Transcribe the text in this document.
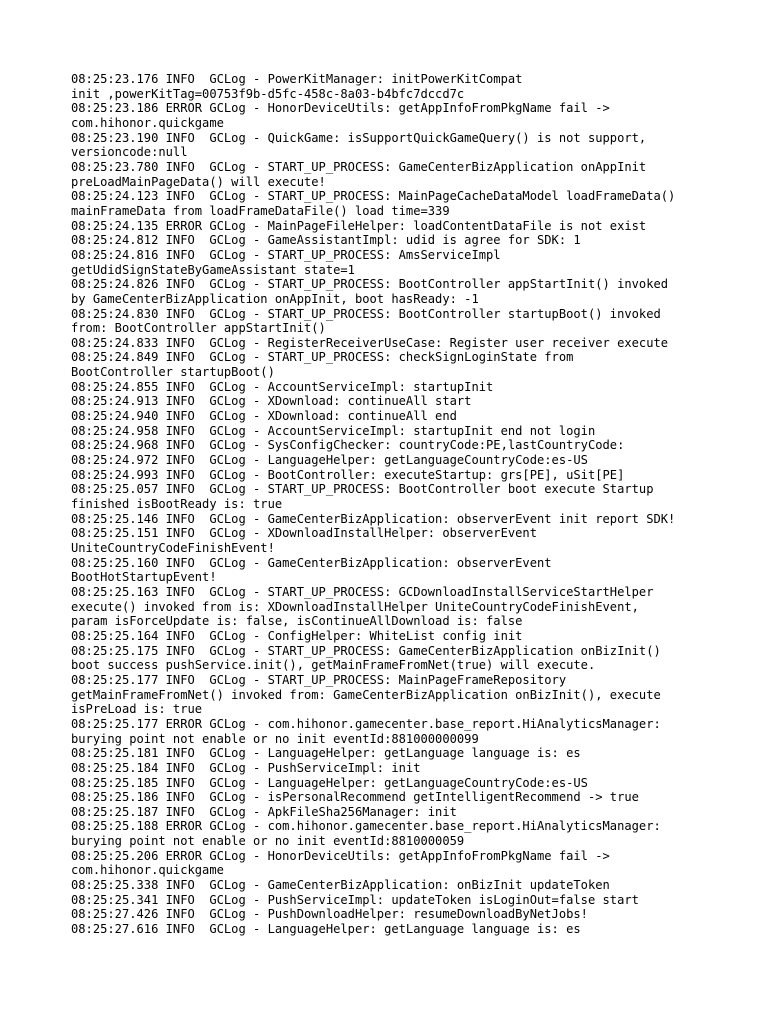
08:25:23.176 INFO  GCLog - PowerKitManager: initPowerKitCompat
init ,powerKitTag=00753f9b-d5fc-458c-8a03-b4bfc7dccd7c
08:25:23.186 ERROR GCLog - HonorDeviceUtils: getAppInfoFromPkgName fail ->
com.hihonor.quickgame
08:25:23.190 INFO  GCLog - QuickGame: isSupportQuickGameQuery() is not support,
versioncode:null
08:25:23.780 INFO  GCLog - START_UP_PROCESS: GameCenterBizApplication onAppInit
preLoadMainPageData() will execute!
08:25:24.123 INFO  GCLog - START_UP_PROCESS: MainPageCacheDataModel loadFrameData()
mainFrameData from loadFrameDataFile() load time=339
08:25:24.135 ERROR GCLog - MainPageFileHelper: loadContentDataFile is not exist
08:25:24.812 INFO  GCLog - GameAssistantImpl: udid is agree for SDK: 1
08:25:24.816 INFO  GCLog - START_UP_PROCESS: AmsServiceImpl
getUdidSignStateByGameAssistant state=1
08:25:24.826 INFO  GCLog - START_UP_PROCESS: BootController appStartInit() invoked
by GameCenterBizApplication onAppInit, boot hasReady: -1
08:25:24.830 INFO  GCLog - START_UP_PROCESS: BootController startupBoot() invoked
from: BootController appStartInit()
08:25:24.833 INFO  GCLog - RegisterReceiverUseCase: Register user receiver execute
08:25:24.849 INFO  GCLog - START_UP_PROCESS: checkSignLoginState from
BootController startupBoot()
08:25:24.855 INFO  GCLog - AccountServiceImpl: startupInit
08:25:24.913 INFO  GCLog - XDownload: continueAll start
08:25:24.940 INFO  GCLog - XDownload: continueAll end
08:25:24.958 INFO  GCLog - AccountServiceImpl: startupInit end not login
08:25:24.968 INFO  GCLog - SysConfigChecker: countryCode:PE,lastCountryCode:
08:25:24.972 INFO  GCLog - LanguageHelper: getLanguageCountryCode:es-US
08:25:24.993 INFO  GCLog - BootController: executeStartup: grs[PE], uSit[PE]
08:25:25.057 INFO  GCLog - START_UP_PROCESS: BootController boot execute Startup
finished isBootReady is: true
08:25:25.146 INFO  GCLog - GameCenterBizApplication: observerEvent init report SDK!
08:25:25.151 INFO  GCLog - XDownloadInstallHelper: observerEvent
UniteCountryCodeFinishEvent!
08:25:25.160 INFO  GCLog - GameCenterBizApplication: observerEvent
BootHotStartupEvent!
08:25:25.163 INFO  GCLog - START_UP_PROCESS: GCDownloadInstallServiceStartHelper
execute() invoked from is: XDownloadInstallHelper UniteCountryCodeFinishEvent,
param isForceUpdate is: false, isContinueAllDownload is: false
08:25:25.164 INFO  GCLog - ConfigHelper: WhiteList config init
08:25:25.175 INFO  GCLog - START_UP_PROCESS: GameCenterBizApplication onBizInit()
boot success pushService.init(), getMainFrameFromNet(true) will execute.
08:25:25.177 INFO  GCLog - START_UP_PROCESS: MainPageFrameRepository
getMainFrameFromNet() invoked from: GameCenterBizApplication onBizInit(), execute
isPreLoad is: true
08:25:25.177 ERROR GCLog - com.hihonor.gamecenter.base_report.HiAnalyticsManager:
burying point not enable or no init eventId:881000000099
08:25:25.181 INFO  GCLog - LanguageHelper: getLanguage language is: es
08:25:25.184 INFO  GCLog - PushServiceImpl: init
08:25:25.185 INFO  GCLog - LanguageHelper: getLanguageCountryCode:es-US
08:25:25.186 INFO  GCLog - isPersonalRecommend getIntelligentRecommend -> true
08:25:25.187 INFO  GCLog - ApkFileSha256Manager: init
08:25:25.188 ERROR GCLog - com.hihonor.gamecenter.base_report.HiAnalyticsManager:
burying point not enable or no init eventId:8810000059
08:25:25.206 ERROR GCLog - HonorDeviceUtils: getAppInfoFromPkgName fail ->
com.hihonor.quickgame
08:25:25.338 INFO  GCLog - GameCenterBizApplication: onBizInit updateToken
08:25:25.341 INFO  GCLog - PushServiceImpl: updateToken isLoginOut=false start
08:25:27.426 INFO  GCLog - PushDownloadHelper: resumeDownloadByNetJobs!
08:25:27.616 INFO  GCLog - LanguageHelper: getLanguage language is: es
